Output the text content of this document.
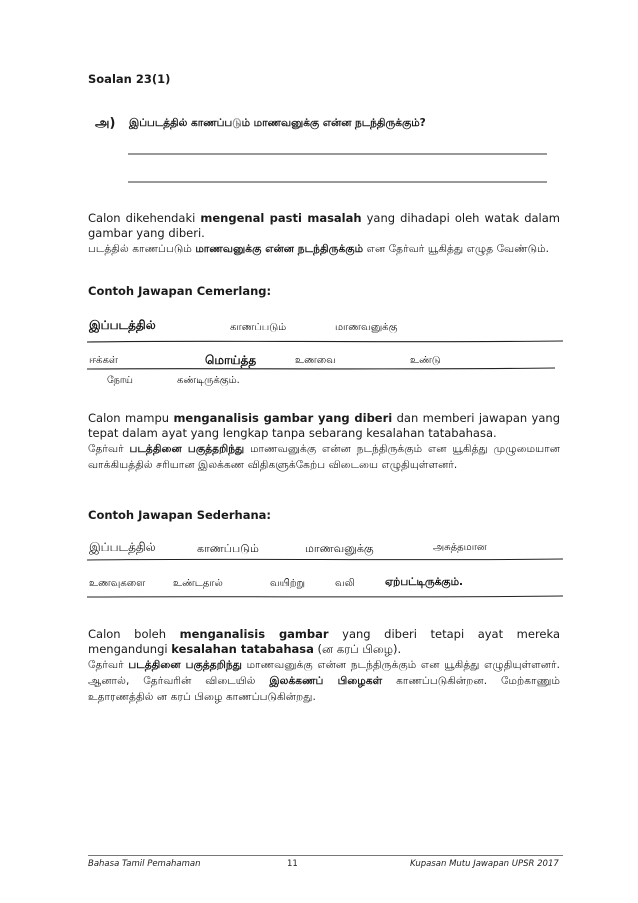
Soalan 23(1)
அ) இப்படத்தில் காணப்படும் மாணவனுக்கு என்ன நடந்திருக்கும்?
Calon dikehendaki mengenal pasti masalah yang dihadapi oleh watak dalam gambar yang diberi.
படத்தில் காணப்படும் மாணவனுக்கு என்ன நடந்திருக்கும் என தேர்வர் யூகித்து எழுத வேண்டும்.
Contoh Jawapan Cemerlang:
இப்படத்தில்	காணப்படும்	மாணவனுக்கு
ஈக்கள்	மொய்த்த	உணவை	உண்டு
நோய்	கண்டிருக்கும்.
Calon mampu menganalisis gambar yang diberi dan memberi jawapan yang tepat dalam ayat yang lengkap tanpa sebarang kesalahan tatabahasa.
தேர்வர் படத்தினை பகுத்தறிந்து மாணவனுக்கு என்ன நடந்திருக்கும் என யூகித்து முழுமையான வாக்கியத்தில் சரியான இலக்கண விதிகளுக்கேற்ப விடையை எழுதியுள்ளனர்.
Contoh Jawapan Sederhana:
இப்படத்தில்	காணப்படும்	மாணவனுக்கு	அசுத்தமான
உணவுகளை	உண்டதால்	வயிற்று	வலி	ஏற்பட்டிருக்கும்.
Calon boleh menganalisis gambar yang diberi tetapi ayat mereka mengandungi kesalahan tatabahasa (ன கரப் பிழை).
தேர்வர் படத்தினை பகுத்தறிந்து மாணவனுக்கு என்ன நடந்திருக்கும் என யூகித்து எழுதியுள்ளனர். ஆனால், தேர்வரின் விடையில் இலக்கணப் பிழைகள் காணப்படுகின்றன. மேற்காணும் உதாரணத்தில் ன கரப் பிழை காணப்படுகின்றது.
Bahasa Tamil Pemahaman	11	Kupasan Mutu Jawapan UPSR 2017
